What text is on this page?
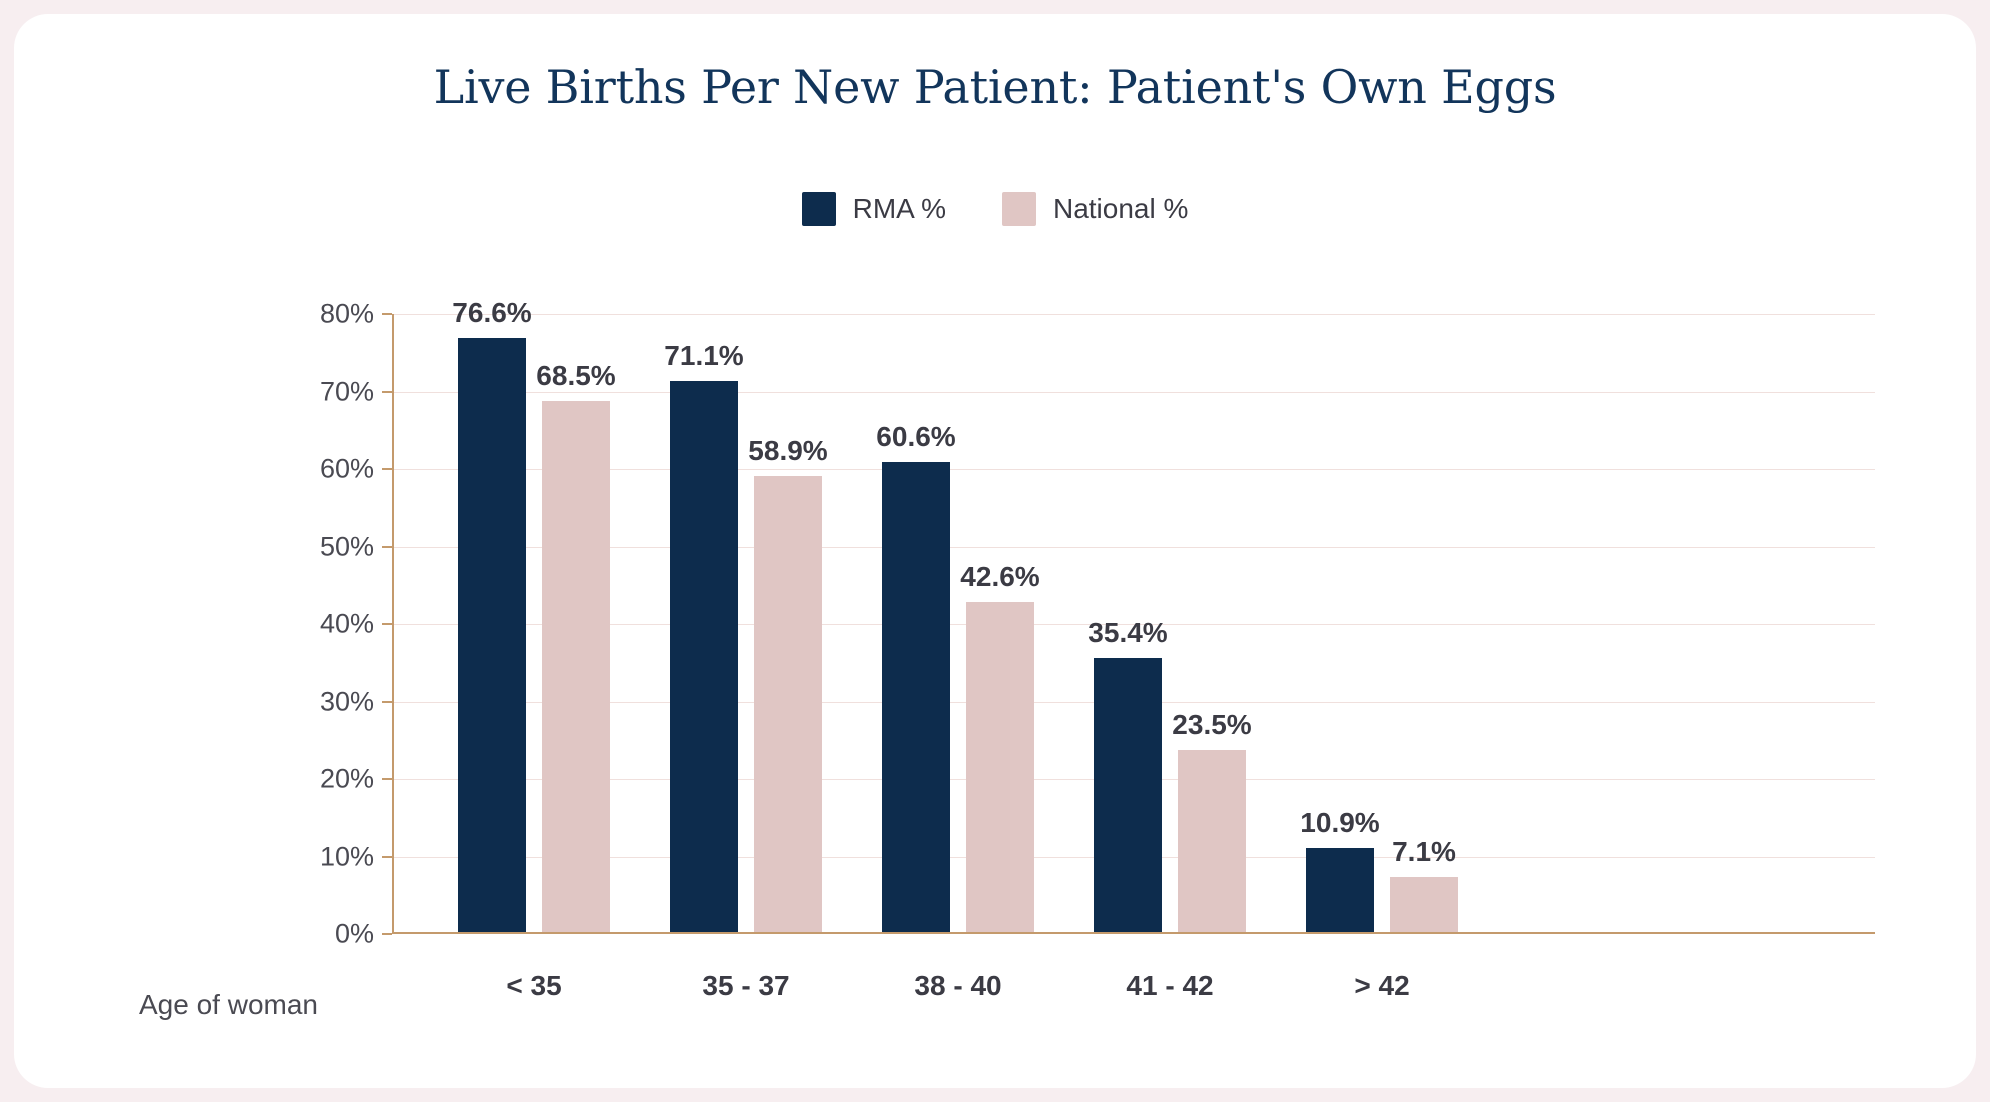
Live Births Per New Patient: Patient's Own Eggs
RMA %	National %
0%
10%
20%
30%
40%
50%
60%
70%
80%	76.6%
68.5%
< 35
71.1%
58.9%
35 - 37
60.6%
42.6%
38 - 40
35.4%
23.5%
41 - 42
10.9%
7.1%
> 42
Age of woman
